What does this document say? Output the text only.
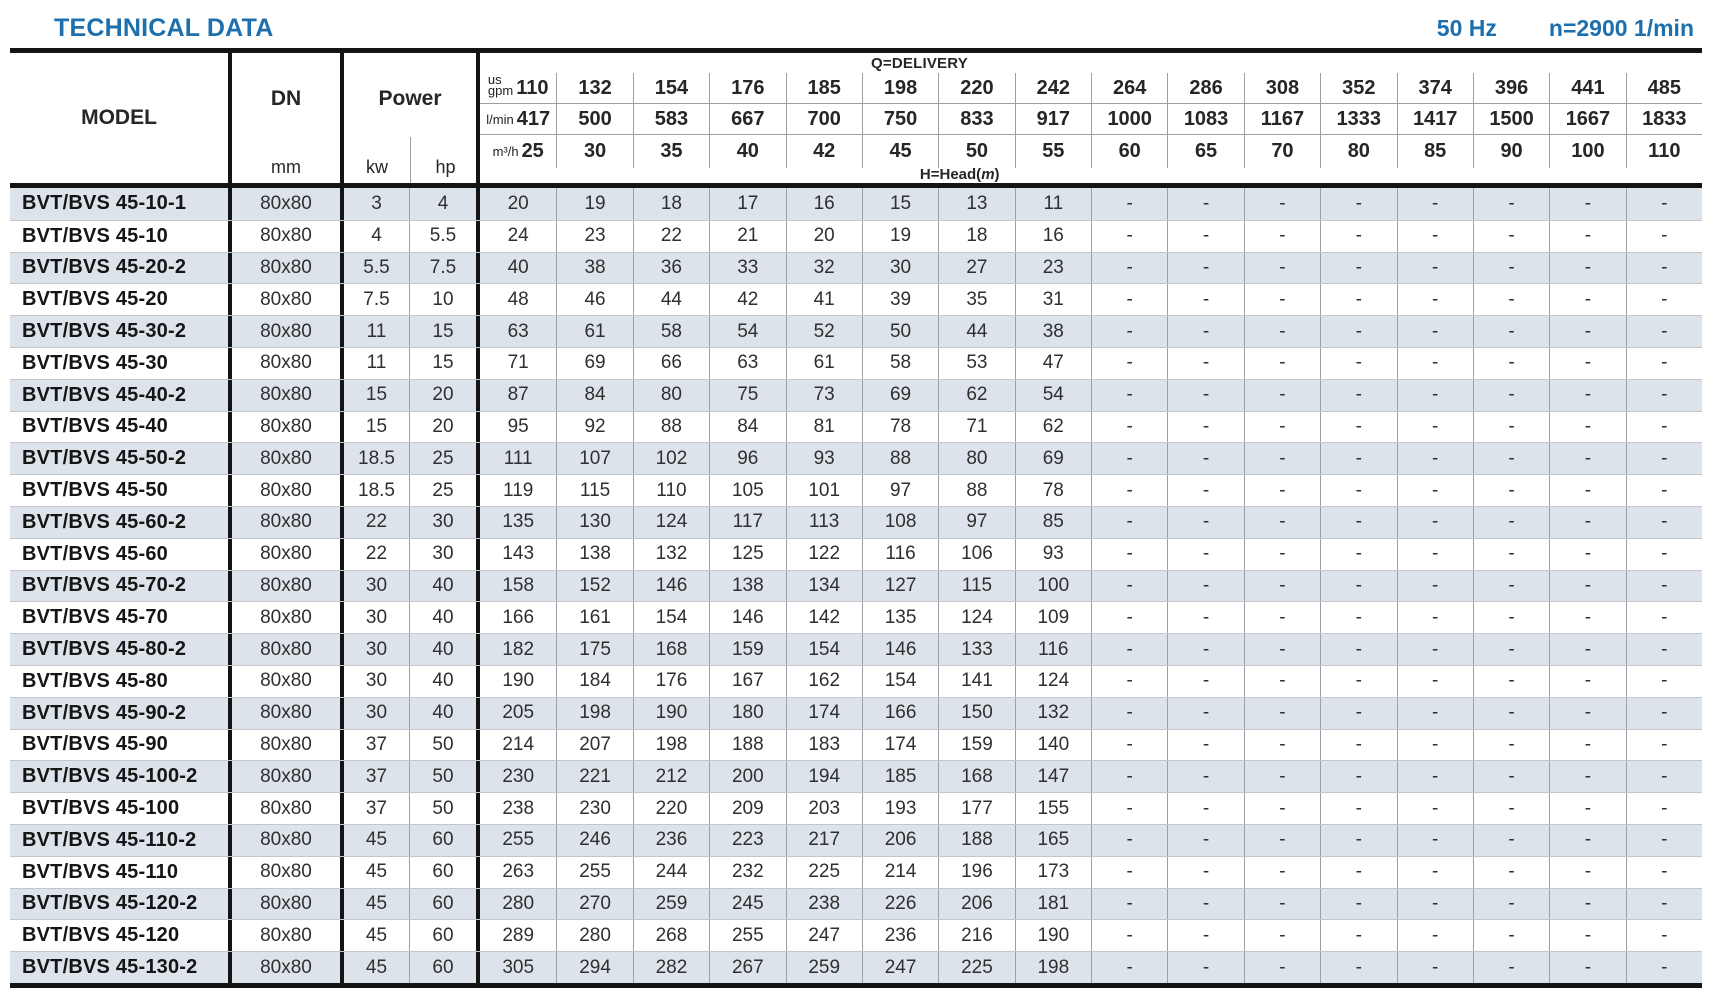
TECHNICAL DATA	50 Hz n=2900 1/min
MODEL
DN
mm
Power
kw	hp
Q=DELIVERY
H=Head(m)
us
gpm 110 132 154 176 185 198 220 242 264 286 308 352 374 396 441 485
l/min 417 500 583 667 700 750 833 917 1000 1083 1167 1333 1417 1500 1667 1833
m³/h 25 30	35	40	42	45	50	55	60	65	70	80	85	90 100 110
BVT/BVS 45-10-1	80x80	3	4	20	19	18	17	16	15	13	11	-	-	-	-	-	-	-	-
BVT/BVS 45-10	80x80	4	5.5	24	23	22	21	20	19	18	16	-	-	-	-	-	-	-	-
BVT/BVS 45-20-2	80x80	5.5	7.5	40	38	36	33	32	30	27	23	-	-	-	-	-	-	-	-
BVT/BVS 45-20	80x80	7.5	10	48	46	44	42	41	39	35	31	-	-	-	-	-	-	-	-
BVT/BVS 45-30-2	80x80	11	15	63	61	58	54	52	50	44	38	-	-	-	-	-	-	-	-
BVT/BVS 45-30	80x80	11	15	71	69	66	63	61	58	53	47	-	-	-	-	-	-	-	-
BVT/BVS 45-40-2	80x80	15	20	87	84	80	75	73	69	62	54	-	-	-	-	-	-	-	-
BVT/BVS 45-40	80x80	15	20	95	92	88	84	81	78	71	62	-	-	-	-	-	-	-	-
BVT/BVS 45-50-2	80x80	18.5	25	111	107	102	96	93	88	80	69	-	-	-	-	-	-	-	-
BVT/BVS 45-50	80x80	18.5	25	119	115	110	105	101	97	88	78	-	-	-	-	-	-	-	-
BVT/BVS 45-60-2	80x80	22	30	135	130	124	117	113	108	97	85	-	-	-	-	-	-	-	-
BVT/BVS 45-60	80x80	22	30	143	138	132	125	122	116	106	93	-	-	-	-	-	-	-	-
BVT/BVS 45-70-2	80x80	30	40	158	152	146	138	134	127	115	100	-	-	-	-	-	-	-	-
BVT/BVS 45-70	80x80	30	40	166	161	154	146	142	135	124	109	-	-	-	-	-	-	-	-
BVT/BVS 45-80-2	80x80	30	40	182	175	168	159	154	146	133	116	-	-	-	-	-	-	-	-
BVT/BVS 45-80	80x80	30	40	190	184	176	167	162	154	141	124	-	-	-	-	-	-	-	-
BVT/BVS 45-90-2	80x80	30	40	205	198	190	180	174	166	150	132	-	-	-	-	-	-	-	-
BVT/BVS 45-90	80x80	37	50	214	207	198	188	183	174	159	140	-	-	-	-	-	-	-	-
BVT/BVS 45-100-2	80x80	37	50	230	221	212	200	194	185	168	147	-	-	-	-	-	-	-	-
BVT/BVS 45-100	80x80	37	50	238	230	220	209	203	193	177	155	-	-	-	-	-	-	-	-
BVT/BVS 45-110-2	80x80	45	60	255	246	236	223	217	206	188	165	-	-	-	-	-	-	-	-
BVT/BVS 45-110	80x80	45	60	263	255	244	232	225	214	196	173	-	-	-	-	-	-	-	-
BVT/BVS 45-120-2	80x80	45	60	280	270	259	245	238	226	206	181	-	-	-	-	-	-	-	-
BVT/BVS 45-120	80x80	45	60	289	280	268	255	247	236	216	190	-	-	-	-	-	-	-	-
BVT/BVS 45-130-2	80x80	45	60	305	294	282	267	259	247	225	198	-	-	-	-	-	-	-	-
